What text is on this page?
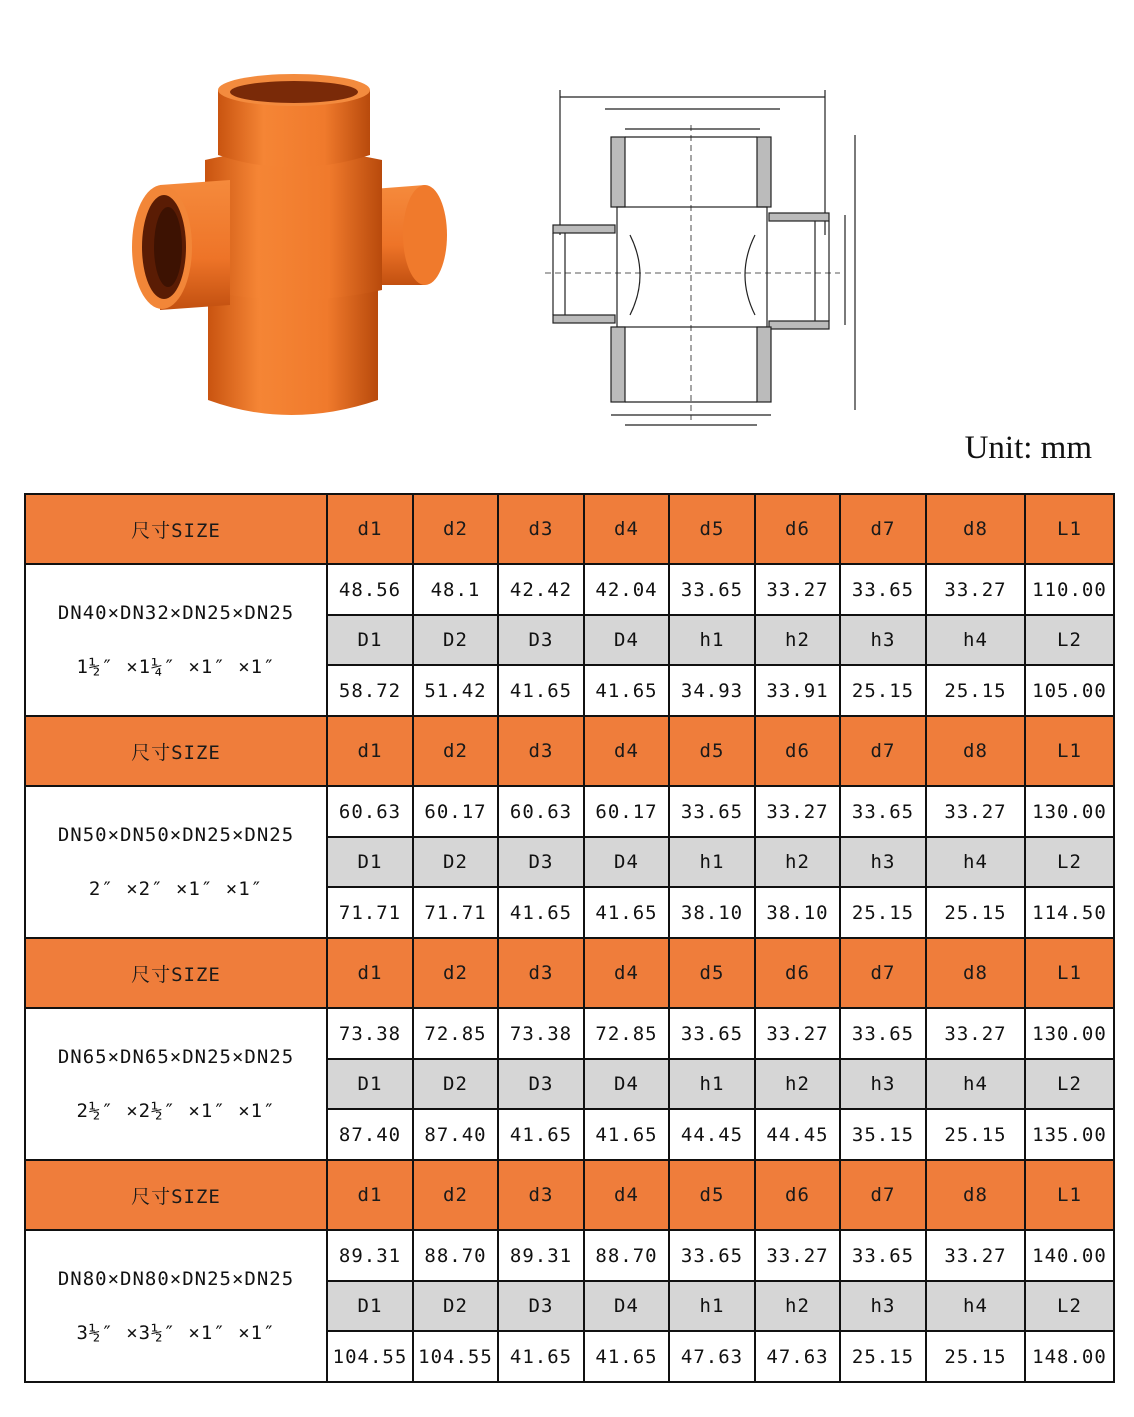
Unit: mm
尺寸SIZE	d1	d2	d3	d4	d5	d6	d7	d8	L1

DN40×DN32×DN25×DN25
1½″ ×1¼″ ×1″ ×1″	48.56	48.1	42.42	42.04	33.65	33.27	33.65	33.27	110.00
	D1	D2	D3	D4	h1	h2	h3	h4	L2
	58.72	51.42	41.65	41.65	34.93	33.91	25.15	25.15	105.00
尺寸SIZE	d1	d2	d3	d4	d5	d6	d7	d8	L1

DN50×DN50×DN25×DN25
2″ ×2″ ×1″ ×1″	60.63	60.17	60.63	60.17	33.65	33.27	33.65	33.27	130.00
	D1	D2	D3	D4	h1	h2	h3	h4	L2
	71.71	71.71	41.65	41.65	38.10	38.10	25.15	25.15	114.50
尺寸SIZE	d1	d2	d3	d4	d5	d6	d7	d8	L1

DN65×DN65×DN25×DN25
2½″ ×2½″ ×1″ ×1″	73.38	72.85	73.38	72.85	33.65	33.27	33.65	33.27	130.00
	D1	D2	D3	D4	h1	h2	h3	h4	L2
	87.40	87.40	41.65	41.65	44.45	44.45	35.15	25.15	135.00
尺寸SIZE	d1	d2	d3	d4	d5	d6	d7	d8	L1

DN80×DN80×DN25×DN25
3½″ ×3½″ ×1″ ×1″	89.31	88.70	89.31	88.70	33.65	33.27	33.65	33.27	140.00
	D1	D2	D3	D4	h1	h2	h3	h4	L2
	104.55	104.55	41.65	41.65	47.63	47.63	25.15	25.15	148.00
